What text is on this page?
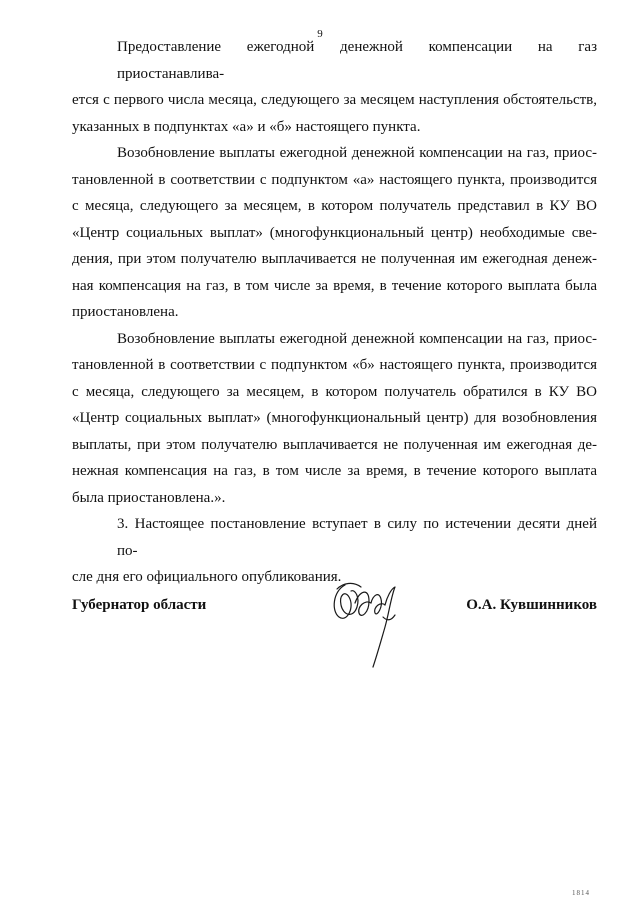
9
Предоставление ежегодной денежной компенсации на газ приостанавлива-
ется с первого числа месяца, следующего за месяцем наступления обстоятельств,
указанных в подпунктах «а» и «б» настоящего пункта.
Возобновление выплаты ежегодной денежной компенсации на газ, приос-
тановленной в соответствии с подпунктом «а» настоящего пункта, производится
с месяца, следующего за месяцем, в котором получатель представил в КУ ВО
«Центр социальных выплат» (многофункциональный центр) необходимые све-
дения, при этом получателю выплачивается не полученная им ежегодная денеж-
ная компенсация на газ, в том числе за время, в течение которого выплата была
приостановлена.
Возобновление выплаты ежегодной денежной компенсации на газ, приос-
тановленной в соответствии с подпунктом «б» настоящего пункта, производится
с месяца, следующего за месяцем, в котором получатель обратился в КУ ВО
«Центр социальных выплат» (многофункциональный центр) для возобновления
выплаты, при этом получателю выплачивается не полученная им ежегодная де-
нежная компенсация на газ, в том числе за время, в течение которого выплата
была приостановлена.».
3. Настоящее постановление вступает в силу по истечении десяти дней по-
сле дня его официального опубликования.
Губернатор области	О.А. Кувшинников
1814
